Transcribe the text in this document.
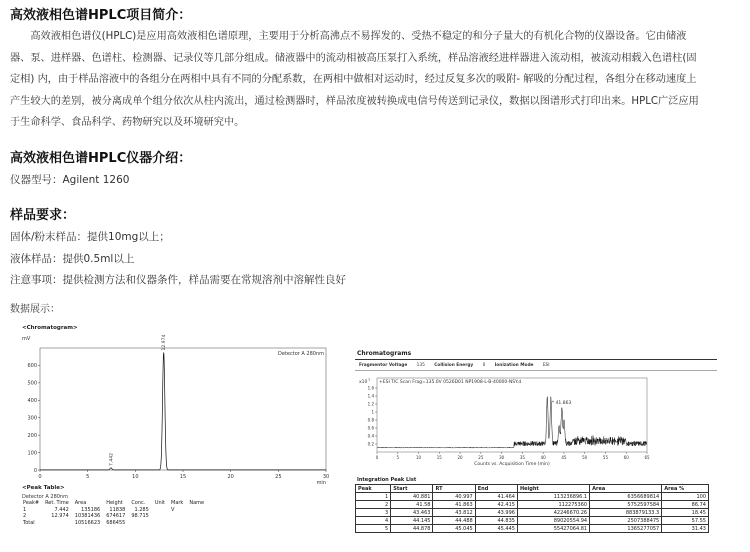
高效液相色谱HPLC项目简介：
　　高效液相色谱仪(HPLC)是应用高效液相色谱原理，主要用于分析高沸点不易挥发的、受热不稳定的和分子量大的有机化合物的仪器设备。它由储液
器、泵、进样器、色谱柱、检测器、记录仪等几部分组成。储液器中的流动相被高压泵打入系统，样品溶液经进样器进入流动相，被流动相载入色谱柱(固
定相) 内，由于样品溶液中的各组分在两相中具有不同的分配系数，在两相中做相对运动时，经过反复多次的吸附- 解吸的分配过程，各组分在移动速度上
产生较大的差别，被分离成单个组分依次从柱内流出，通过检测器时，样品浓度被转换成电信号传送到记录仪，数据以图谱形式打印出来。HPLC广泛应用
于生命科学、食品科学、药物研究以及环境研究中。
高效液相色谱HPLC仪器介绍：
仪器型号：Agilent 1260
样品要求：
固体/粉末样品：提供10mg以上；
液体样品：提供0.5ml以上
注意事项：提供检测方法和仪器条件，样品需要在常规溶剂中溶解性良好
数据展示：
<Chromatogram>
mV
0
100
200
300
400
500
600
0	5	10	15	20	25	30
min
Detector A 280nm
7.442
12.974
<Peak Table>
Detector A 280nm
Peak#	Ret. Time	Area	Height	Conc.	Unit	Mark	Name
1	7.442	135186	11838	1.285		V	
2	12.974	10381436	674617	98.715			
Total		10516623	686455				
Chromatograms
Fragmentor Voltage 135 Collision Energy 0 Ionization Mode ESI
x10 7 +ESI TIC Scan Frag=135.0V 0526D01 NP1908-L-B-40000-NSY.d
0.2
0.4
0.6
0.8
1
1.2
1.4
1.6
0	5	10	15	20	25	30	35	40	45	50	55	60	65
Counts vs. Acquisition Time (min)
* 41.863
Integration Peak List
Peak	Start	RT	End	Height	Area	Area %
1	40.881	40.997	41.464	113236896.1	6356689814	100
2	41.58	41.863	42.415	112275360	5752597584	86.74
3	43.463	43.812	43.996	42246670.26	883879133.3	18.45
4	44.145	44.488	44.835	89020554.94	2507388475	57.55
5	44.878	45.045	45.445	55427064.81	1365277057	31.43
